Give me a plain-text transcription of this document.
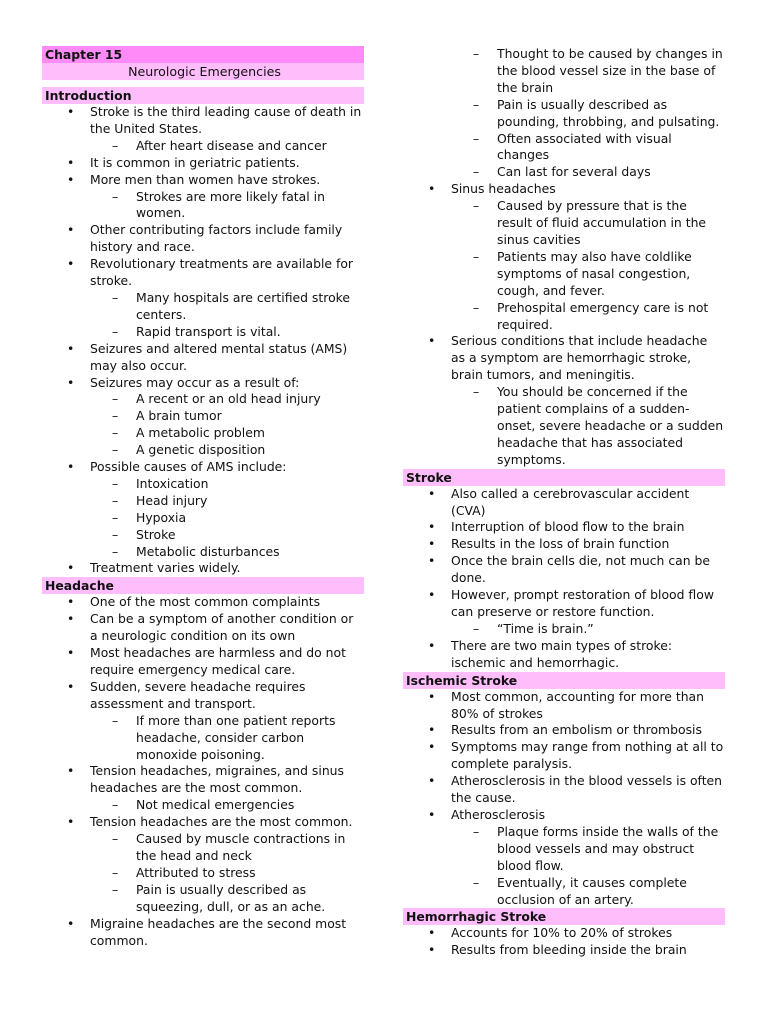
Chapter 15
Neurologic Emergencies
Introduction
• Stroke is the third leading cause of death in the United States.
– After heart disease and cancer
• It is common in geriatric patients.
• More men than women have strokes.
– Strokes are more likely fatal in women.
• Other contributing factors include family history and race.
• Revolutionary treatments are available for stroke.
– Many hospitals are certified stroke centers.
– Rapid transport is vital.
• Seizures and altered mental status (AMS) may also occur.
• Seizures may occur as a result of:
– A recent or an old head injury
– A brain tumor
– A metabolic problem
– A genetic disposition
• Possible causes of AMS include:
– Intoxication
– Head injury
– Hypoxia
– Stroke
– Metabolic disturbances
• Treatment varies widely.
Headache
• One of the most common complaints
• Can be a symptom of another condition or a neurologic condition on its own
• Most headaches are harmless and do not require emergency medical care.
• Sudden, severe headache requires assessment and transport.
– If more than one patient reports headache, consider carbon monoxide poisoning.
• Tension headaches, migraines, and sinus headaches are the most common.
– Not medical emergencies
• Tension headaches are the most common.
– Caused by muscle contractions in the head and neck
– Attributed to stress
– Pain is usually described as squeezing, dull, or as an ache.
• Migraine headaches are the second most common.
– Thought to be caused by changes in the blood vessel size in the base of the brain
– Pain is usually described as pounding, throbbing, and pulsating.
– Often associated with visual changes
– Can last for several days
• Sinus headaches
– Caused by pressure that is the result of fluid accumulation in the sinus cavities
– Patients may also have coldlike symptoms of nasal congestion, cough, and fever.
– Prehospital emergency care is not required.
• Serious conditions that include headache as a symptom are hemorrhagic stroke, brain tumors, and meningitis.
– You should be concerned if the patient complains of a sudden-onset, severe headache or a sudden headache that has associated symptoms.
Stroke
• Also called a cerebrovascular accident (CVA)
• Interruption of blood flow to the brain
• Results in the loss of brain function
• Once the brain cells die, not much can be done.
• However, prompt restoration of blood flow can preserve or restore function.
– “Time is brain.”
• There are two main types of stroke: ischemic and hemorrhagic.
Ischemic Stroke
• Most common, accounting for more than 80% of strokes
• Results from an embolism or thrombosis
• Symptoms may range from nothing at all to complete paralysis.
• Atherosclerosis in the blood vessels is often the cause.
• Atherosclerosis
– Plaque forms inside the walls of the blood vessels and may obstruct blood flow.
– Eventually, it causes complete occlusion of an artery.
Hemorrhagic Stroke
• Accounts for 10% to 20% of strokes
• Results from bleeding inside the brain
